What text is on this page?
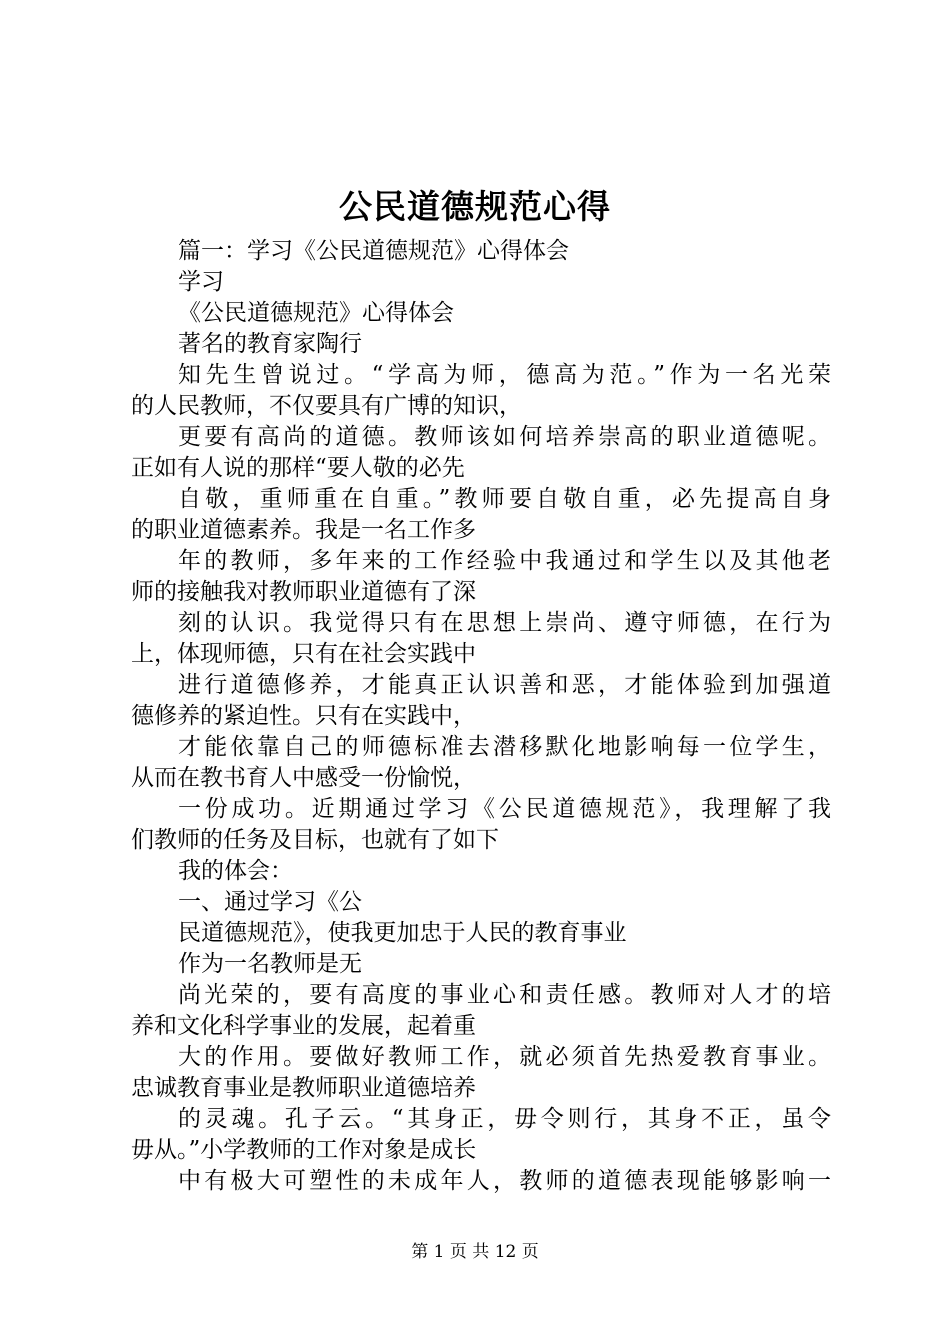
公民道德规范心得
篇一：学习《公民道德规范》心得体会
学习
《公民道德规范》心得体会
著名的教育家陶行
知先生曾说过。“学高为师，德高为范。”作为一名光荣
的人民教师，不仅要具有广博的知识，
更要有高尚的道德。教师该如何培养崇高的职业道德呢。
正如有人说的那样“要人敬的必先
自敬，重师重在自重。”教师要自敬自重，必先提高自身
的职业道德素养。我是一名工作多
年的教师，多年来的工作经验中我通过和学生以及其他老
师的接触我对教师职业道德有了深
刻的认识。我觉得只有在思想上崇尚、遵守师德，在行为
上，体现师德，只有在社会实践中
进行道德修养，才能真正认识善和恶，才能体验到加强道
德修养的紧迫性。只有在实践中，
才能依靠自己的师德标准去潜移默化地影响每一位学生，
从而在教书育人中感受一份愉悦，
一份成功。近期通过学习《公民道德规范》，我理解了我
们教师的任务及目标，也就有了如下
我的体会：
一、通过学习《公
民道德规范》，使我更加忠于人民的教育事业
作为一名教师是无
尚光荣的，要有高度的事业心和责任感。教师对人才的培
养和文化科学事业的发展，起着重
大的作用。要做好教师工作，就必须首先热爱教育事业。
忠诚教育事业是教师职业道德培养
的灵魂。孔子云。“其身正，毋令则行，其身不正，虽令
毋从。”小学教师的工作对象是成长
中有极大可塑性的未成年人，教师的道德表现能够影响一
第 1 页 共 12 页
